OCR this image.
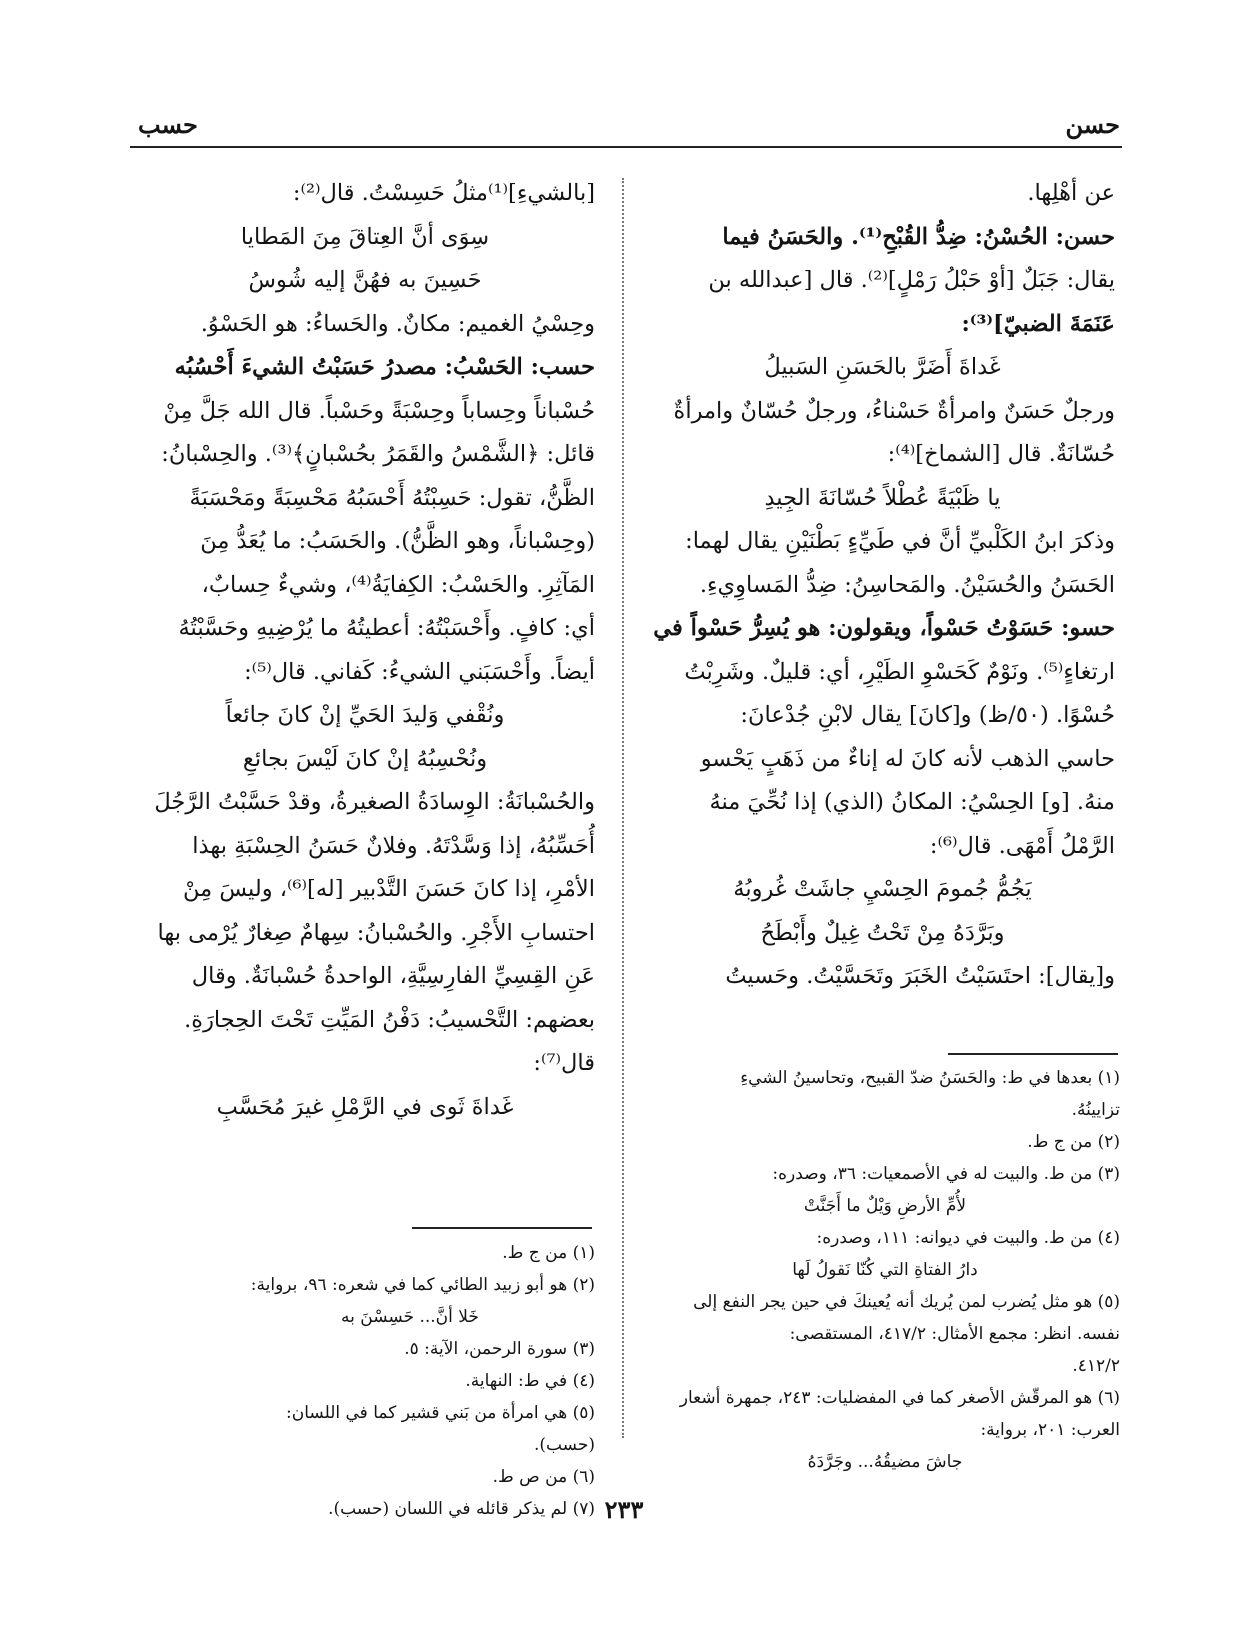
حسن
حسب

عن أهْلِها.

حسن: الحُسْنُ: ضِدُّ القُبْحِ⁽¹⁾. والحَسَنُ فيما

يقال: جَبَلٌ [أوْ حَبْلُ رَمْلٍ]⁽²⁾. قال [عبدالله بن

عَنَمَةَ الضبيّ]⁽³⁾:

غَداةَ أَضَرَّ بالحَسَنِ السَبيلُ

ورجلٌ حَسَنٌ وامرأةٌ حَسْناءُ، ورجلٌ حُسّانٌ وامرأةٌ

حُسّانَةٌ. قال [الشماخ]⁽⁴⁾:

يا ظَبْيَةً عُطْلاً حُسّانَةَ الجِيدِ

وذكرَ ابنُ الكَلْبيِّ أنَّ في طَيِّءٍ بَطْنَيْنِ يقال لهما:

الحَسَنُ والحُسَيْنُ. والمَحاسِنُ: ضِدُّ المَساوِيءِ.

حسو: حَسَوْتُ حَسْواً، ويقولون: هو يُسِرُّ حَسْواً في

ارتغاءٍ⁽⁵⁾. ونَوْمٌ كَحَسْوِ الطَيْرِ، أي: قليلٌ. وشَرِبْتُ

حُسْوًا. (٥٠/ظ) و[كانَ] يقال لابْنِ جُدْعانَ:

حاسي الذهب لأنه كانَ له إناءٌ من ذَهَبٍ يَحْسو

منهُ. [و] الحِسْيُ: المكانُ (الذي) إذا نُحِّيَ منهُ

الرَّمْلُ أَمْهَى. قال⁽⁶⁾:

يَجُمُّ جُمومَ الحِسْيِ جاشَتْ غُروبُهُ

وبَرَّدَهُ مِنْ تَحْتُ غِيلٌ وأَبْطَحُ

و[يقال]: احتَسَيْتُ الخَبَرَ وتَحَسَّيْتُ. وحَسيتُ

[بالشيءِ]⁽¹⁾مثلُ حَسِسْتُ. قال⁽²⁾:

سِوَى أنَّ العِتاقَ مِنَ المَطايا

حَسِينَ به فهُنَّ إليه شُوسُ

وحِسْيُ الغميم: مكانٌ. والحَساءُ: هو الحَسْوُ.

حسب: الحَسْبُ: مصدرُ حَسَبْتُ الشيءَ أَحْسُبُه

حُسْباناً وحِساباً وحِسْبَةً وحَسْباً. قال الله جَلَّ مِنْ

قائل: ﴿الشَّمْسُ والقَمَرُ بحُسْبانٍ﴾⁽³⁾. والحِسْبانُ:

الظَّنُّ، تقول: حَسِبْتُهُ أَحْسَبُهُ مَحْسِبَةً ومَحْسَبَةً

(وحِسْباناً، وهو الظَّنُّ). والحَسَبُ: ما يُعَدُّ مِنَ

المَآثِرِ. والحَسْبُ: الكِفايَةُ⁽⁴⁾، وشيءٌ حِسابٌ،

أي: كافٍ. وأَحْسَبْتُهُ: أعطيتُهُ ما يُرْضِيهِ وحَسَّبْتُهُ

أيضاً. وأَحْسَبَني الشيءُ: كَفاني. قال⁽⁵⁾:

ونُقْفي وَليدَ الحَيِّ إنْ كانَ جائعاً

ونُحْسِبُهُ إنْ كانَ لَيْسَ بجائعِ

والحُسْبانَةُ: الوِسادَةُ الصغيرةُ، وقدْ حَسَّبْتُ الرَّجُلَ

أُحَسِّبُهُ، إذا وَسَّدْتَهُ. وفلانٌ حَسَنُ الحِسْبَةِ بهذا

الأمْرِ، إذا كانَ حَسَنَ التَّدْبير [له]⁽⁶⁾، وليسَ مِنْ

احتسابِ الأَجْرِ. والحُسْبانُ: سِهامٌ صِغارٌ يُرْمى بها

عَنِ القِسِيِّ الفارِسِيَّةِ، الواحدةُ حُسْبانَةٌ. وقال

بعضهم: التَّحْسيبُ: دَفْنُ المَيِّتِ تَحْتَ الحِجارَةِ.

قال⁽⁷⁾:

غَداةَ ثَوى في الرَّمْلِ غيرَ مُحَسَّبِ

(١) بعدها في ط: والحَسَنُ ضدّ القبيح، وتحاسينُ الشيءِ

تزايينُهُ.

(٢) من ج ط.

(٣) من ط. والبيت له في الأصمعيات: ٣٦، وصدره:

لأُمِّ الأرضِ وَيْلٌ ما أَجَنَّتْ

(٤) من ط. والبيت في ديوانه: ١١١، وصدره:

دارُ الفتاةِ التي كُنّا نَقولُ لَها

(٥) هو مثل يُضرب لمن يُريك أنه يُعينكَ في حين يجر النفع إلى

نفسه. انظر: مجمع الأمثال: ٤١٧/٢، المستقصى:

٤١٢/٢.

(٦) هو المرقّش الأصغر كما في المفضليات: ٢٤٣، جمهرة أشعار

العرب: ٢٠١، برواية:

جاشَ مضيقُهُ... وجَرَّدَهُ

(١) من ج ط.

(٢) هو أبو زبيد الطائي كما في شعره: ٩٦، برواية:

خَلا أنَّ... حَسِسْنَ به

(٣) سورة الرحمن، الآية: ٥.

(٤) في ط: النهاية.

(٥) هي امرأة من بَني قشير كما في اللسان: (حسب).

(٦) من ص ط.

(٧) لم يذكر قائله في اللسان (حسب). ٢٣٣
